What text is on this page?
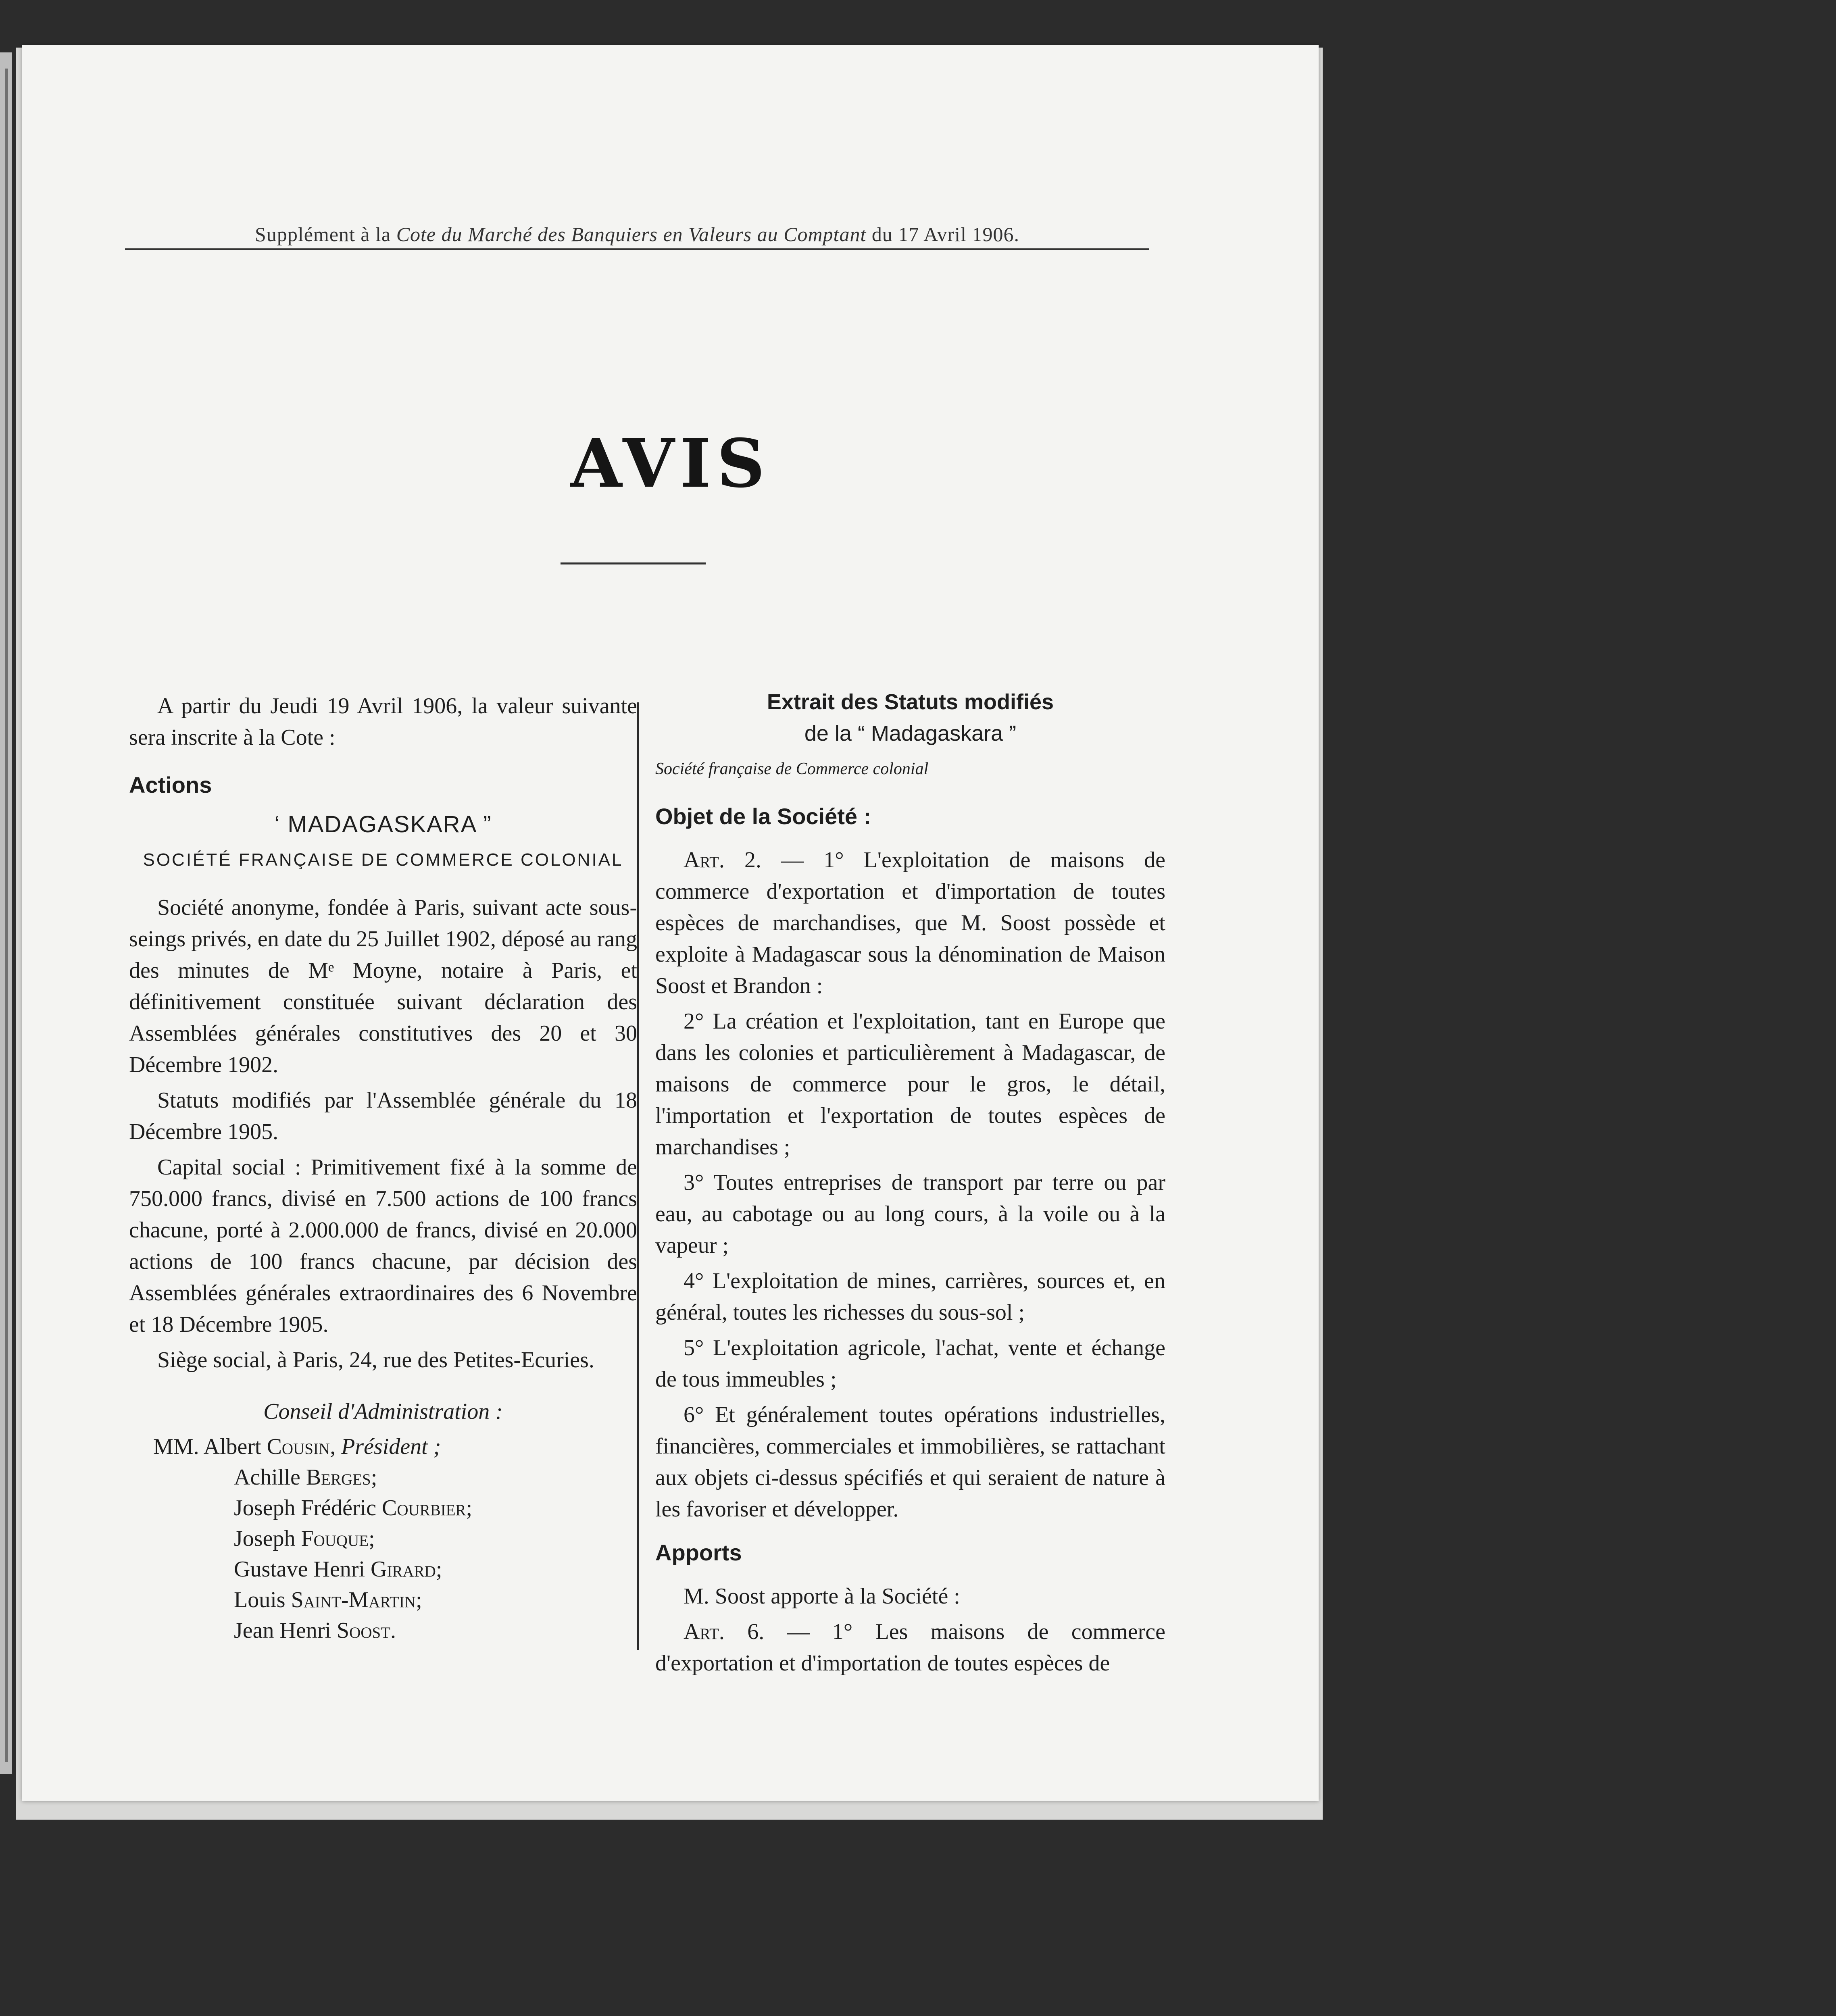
Supplément à la Cote du Marché des Banquiers en Valeurs au Comptant du 17 Avril 1906.
AVIS

A partir du Jeudi 19 Avril 1906, la valeur suivante sera inscrite à la Cote :

Actions

‘ MADAGASKARA ”

SOCIÉTÉ FRANÇAISE DE COMMERCE COLONIAL

Société anonyme, fondée à Paris, suivant acte sous-seings privés, en date du 25 Juillet 1902, déposé au rang des minutes de Mᵉ Moyne, notaire à Paris, et définitivement constituée suivant déclaration des Assemblées générales constitutives des 20 et 30 Décembre 1902.

Statuts modifiés par l'Assemblée générale du 18 Décembre 1905.

Capital social : Primitivement fixé à la somme de 750.000 francs, divisé en 7.500 actions de 100 francs chacune, porté à 2.000.000 de francs, divisé en 20.000 actions de 100 francs chacune, par décision des Assemblées générales extraordinaires des 6 Novembre et 18 Décembre 1905.

Siège social, à Paris, 24, rue des Petites-Ecuries.

Conseil d'Administration :

MM. Albert Cousin, Président ;
Achille Berges;
Joseph Frédéric Courbier;
Joseph Fouque;
Gustave Henri Girard;
Louis Saint-Martin;
Jean Henri Soost.

Extrait des Statuts modifiés

de la “ Madagaskara ”

Société française de Commerce colonial

Objet de la Société :

Art. 2. — 1° L'exploitation de maisons de commerce d'exportation et d'importation de toutes espèces de marchandises, que M. Soost possède et exploite à Madagascar sous la dénomination de Maison Soost et Brandon :

2° La création et l'exploitation, tant en Europe que dans les colonies et particulièrement à Madagascar, de maisons de commerce pour le gros, le détail, l'importation et l'exportation de toutes espèces de marchandises ;

3° Toutes entreprises de transport par terre ou par eau, au cabotage ou au long cours, à la voile ou à la vapeur ;

4° L'exploitation de mines, carrières, sources et, en général, toutes les richesses du sous-sol ;

5° L'exploitation agricole, l'achat, vente et échange de tous immeubles ;

6° Et généralement toutes opérations industrielles, financières, commerciales et immobilières, se rattachant aux objets ci-dessus spécifiés et qui seraient de nature à les favoriser et développer.

Apports

M. Soost apporte à la Société :

Art. 6. — 1° Les maisons de commerce d'exportation et d'importation de toutes espèces de
